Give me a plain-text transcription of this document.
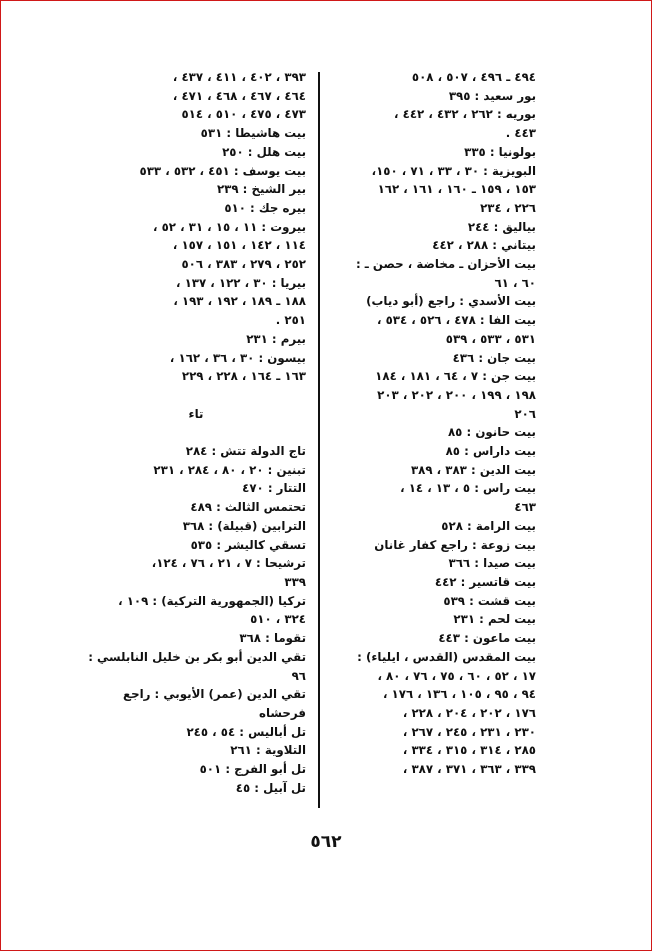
٤٩٤ ـ ٤٩٦ ، ٥٠٧ ، ٥٠٨
بور سعيد : ٣٩٥
بوريه : ٢٦٢ ، ٤٣٢ ، ٤٤٢ ،
٤٤٣ .
بولونيا : ٣٣٥
البويزية : ٣٠ ، ٣٣ ، ٧١ ، ١٥٠،
١٥٣ ، ١٥٩ ـ ١٦٠ ، ١٦١ ، ١٦٢
٢٢٦ ، ٢٣٤
بياليق : ٢٤٤
بيتاني : ٢٨٨ ، ٤٤٢
بيت الأحزان ـ مخاضة ، حصن ـ :
٦٠ ، ٦١
بيت الأسدي : راجع (أبو دياب)
بيت الفا : ٤٧٨ ، ٥٢٦ ، ٥٣٤ ،
٥٣١ ، ٥٣٣ ، ٥٣٩
بيت جان : ٤٣٦
بيت جن : ٧ ، ٦٤ ، ١٨١ ، ١٨٤
١٩٨ ، ١٩٩ ، ٢٠٠ ، ٢٠٢ ، ٢٠٣
٢٠٦
بيت حانون : ٨٥
بيت داراس : ٨٥
بيت الدين : ٣٨٣ ، ٣٨٩
بيت راس : ٥ ، ١٣ ، ١٤ ،
٤٦٣
بيت الرامة : ٥٢٨
بيت زوعة : راجع كفار غانان
بيت صيدا : ٣٦٦
بيت قاتسير : ٤٤٢
بيت قشت : ٥٣٩
بيت لحم : ٢٣١
بيت ماعون : ٤٤٣
بيت المقدس (القدس ، ايلياء) :
١٧ ، ٥٢ ، ٦٠ ، ٧٥ ، ٧٦ ، ٨٠ ،
٩٤ ، ٩٥ ، ١٠٥ ، ١٣٦ ، ١٧٦ ،
١٧٦ ، ٢٠٢ ، ٢٠٤ ، ٢٢٨ ،
٢٣٠ ، ٢٣١ ، ٢٤٥ ، ٢٦٧ ،
٢٨٥ ، ٣١٤ ، ٣١٥ ، ٣٣٤ ،
٣٣٩ ، ٣٦٣ ، ٣٧١ ، ٣٨٧ ،
٣٩٣ ، ٤٠٢ ، ٤١١ ، ٤٣٧ ،
٤٦٤ ، ٤٦٧ ، ٤٦٨ ، ٤٧١ ،
٤٧٣ ، ٤٧٥ ، ٥١٠ ، ٥١٤
بيت هاشيطا : ٥٣١
بيت هلل : ٢٥٠
بيت يوسف : ٤٥١ ، ٥٣٢ ، ٥٣٣
بير الشيخ : ٢٣٩
بيره جك : ٥١٠
بيروت : ١١ ، ١٥ ، ٣١ ، ٥٢ ،
١١٤ ، ١٤٢ ، ١٥١ ، ١٥٧ ،
٢٥٢ ، ٢٧٩ ، ٣٨٣ ، ٥٠٦
بيريا : ٣٠ ، ١٢٢ ، ١٣٧ ،
١٨٨ ـ ١٨٩ ، ١٩٢ ، ١٩٣ ،
٢٥١ .
بيرم : ٢٣١
بيسون : ٣٠ ، ٣٦ ، ١٦٢ ،
١٦٣ ـ ١٦٤ ، ٢٢٨ ، ٢٢٩

تاء

تاج الدولة تتش : ٢٨٤
تبنين : ٢٠ ، ٨٠ ، ٢٨٤ ، ٢٣١
التتار : ٤٧٠
تحتمس الثالث : ٤٨٩
الترابين (قبيلة) : ٣٦٨
تسقي كاليشر : ٥٣٥
ترشيحا : ٧ ، ٢١ ، ٧٦ ، ١٢٤،
٣٣٩
تركيا (الجمهورية التركية) : ١٠٩ ،
٣٢٤ ، ٥١٠
تقوما : ٣٦٨
تقي الدين أبو بكر بن خليل النابلسي :
٩٦
تقي الدين (عمر) الأيوبي : راجع
فرحشاه
تل أباليس : ٥٤ ، ٢٤٥
التلاوية : ٢٦١
تل أبو الفرج : ٥٠١
تل آبيل : ٤٥
٥٦٢
